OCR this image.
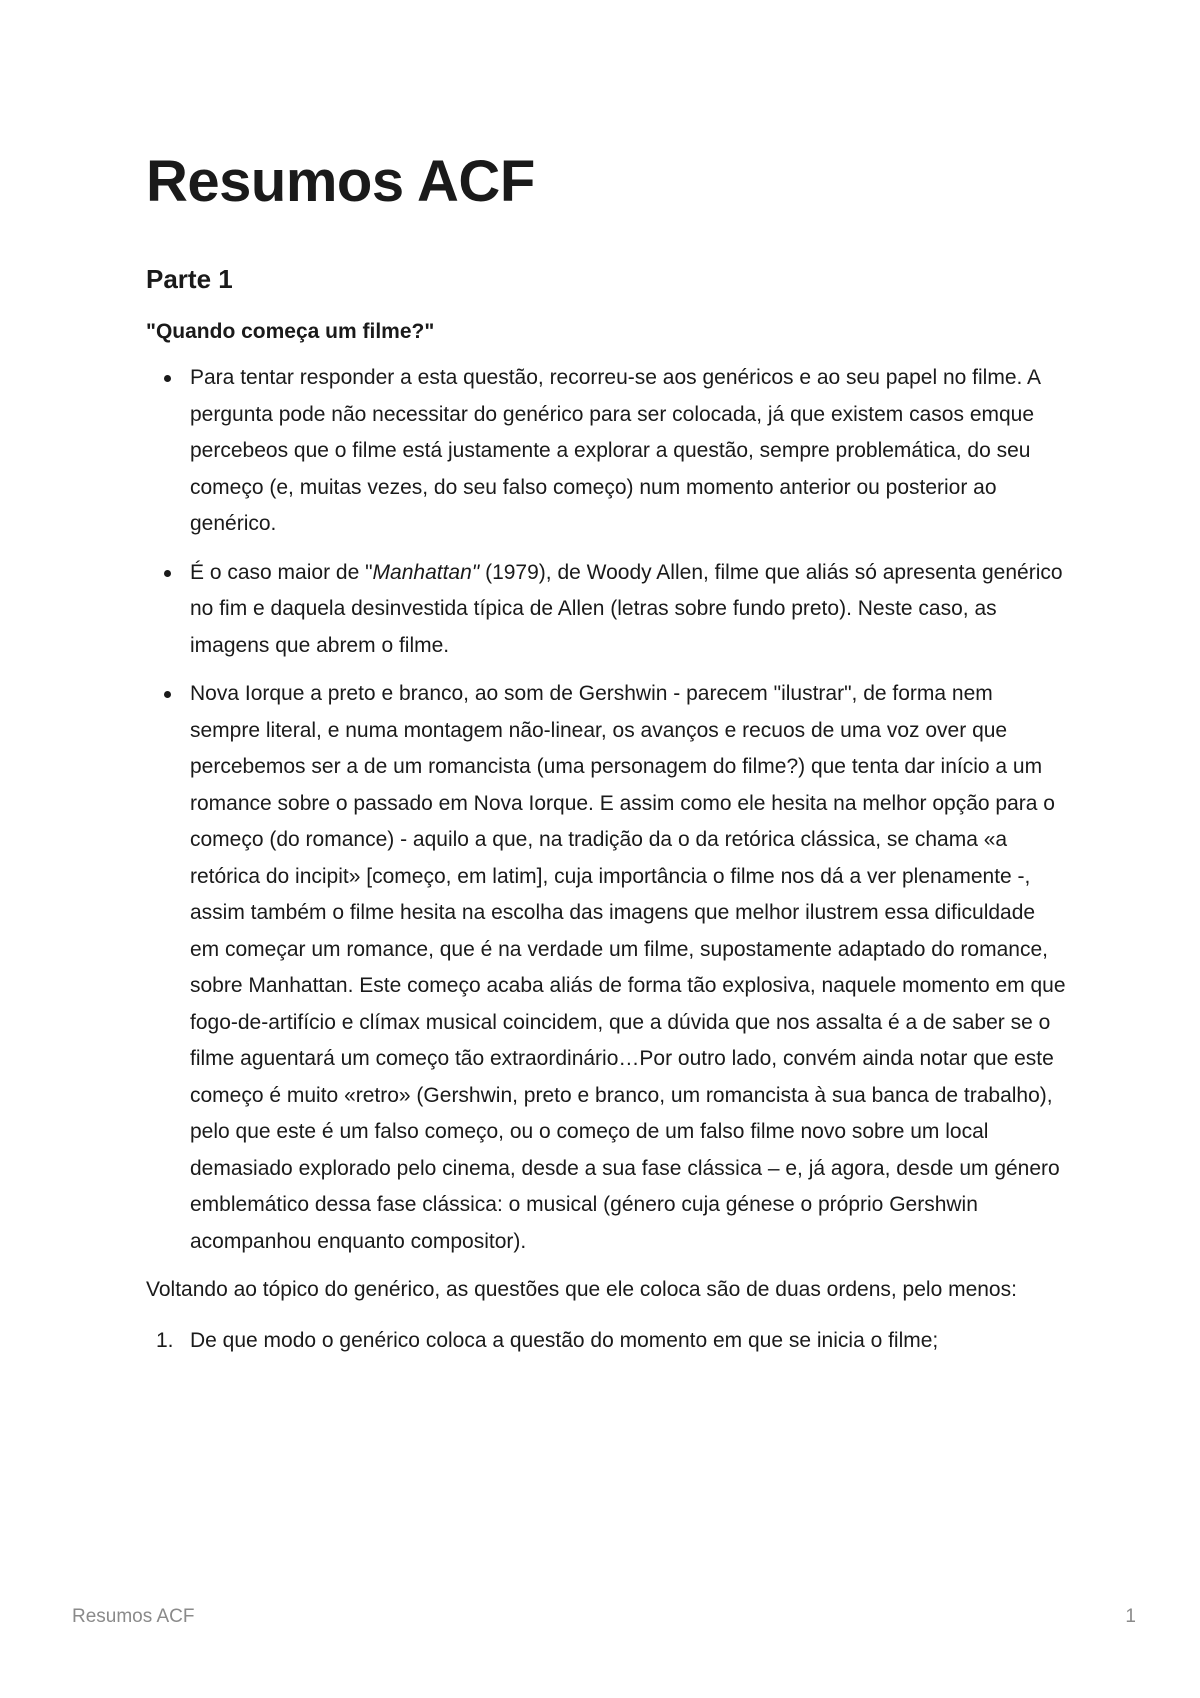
Resumos ACF
Parte 1
"Quando começa um filme?"
Para tentar responder a esta questão, recorreu-se aos genéricos e ao seu papel no filme. A pergunta pode não necessitar do genérico para ser colocada, já que existem casos emque percebeos que o filme está justamente a explorar a questão, sempre problemática, do seu começo (e, muitas vezes, do seu falso começo) num momento anterior ou posterior ao genérico.
É o caso maior de "Manhattan" (1979), de Woody Allen, filme que aliás só apresenta genérico no fim e daquela desinvestida típica de Allen (letras sobre fundo preto). Neste caso, as imagens que abrem o filme.
Nova Iorque a preto e branco, ao som de Gershwin - parecem "ilustrar", de forma nem sempre literal, e numa montagem não-linear, os avanços e recuos de uma voz over que percebemos ser a de um romancista (uma personagem do filme?) que tenta dar início a um romance sobre o passado em Nova Iorque. E assim como ele hesita na melhor opção para o começo (do romance) - aquilo a que, na tradição da o da retórica clássica, se chama «a retórica do incipit» [começo, em latim], cuja importância o filme nos dá a ver plenamente -, assim também o filme hesita na escolha das imagens que melhor ilustrem essa dificuldade em começar um romance, que é na verdade um filme, supostamente adaptado do romance, sobre Manhattan. Este começo acaba aliás de forma tão explosiva, naquele momento em que fogo-de-artifício e clímax musical coincidem, que a dúvida que nos assalta é a de saber se o filme aguentará um começo tão extraordinário…Por outro lado, convém ainda notar que este começo é muito «retro» (Gershwin, preto e branco, um romancista à sua banca de trabalho), pelo que este é um falso começo, ou o começo de um falso filme novo sobre um local demasiado explorado pelo cinema, desde a sua fase clássica – e, já agora, desde um género emblemático dessa fase clássica: o musical (género cuja génese o próprio Gershwin acompanhou enquanto compositor).

Voltando ao tópico do genérico, as questões que ele coloca são de duas ordens, pelo menos:

1. De que modo o genérico coloca a questão do momento em que se inicia o filme;
Resumos ACF	1
